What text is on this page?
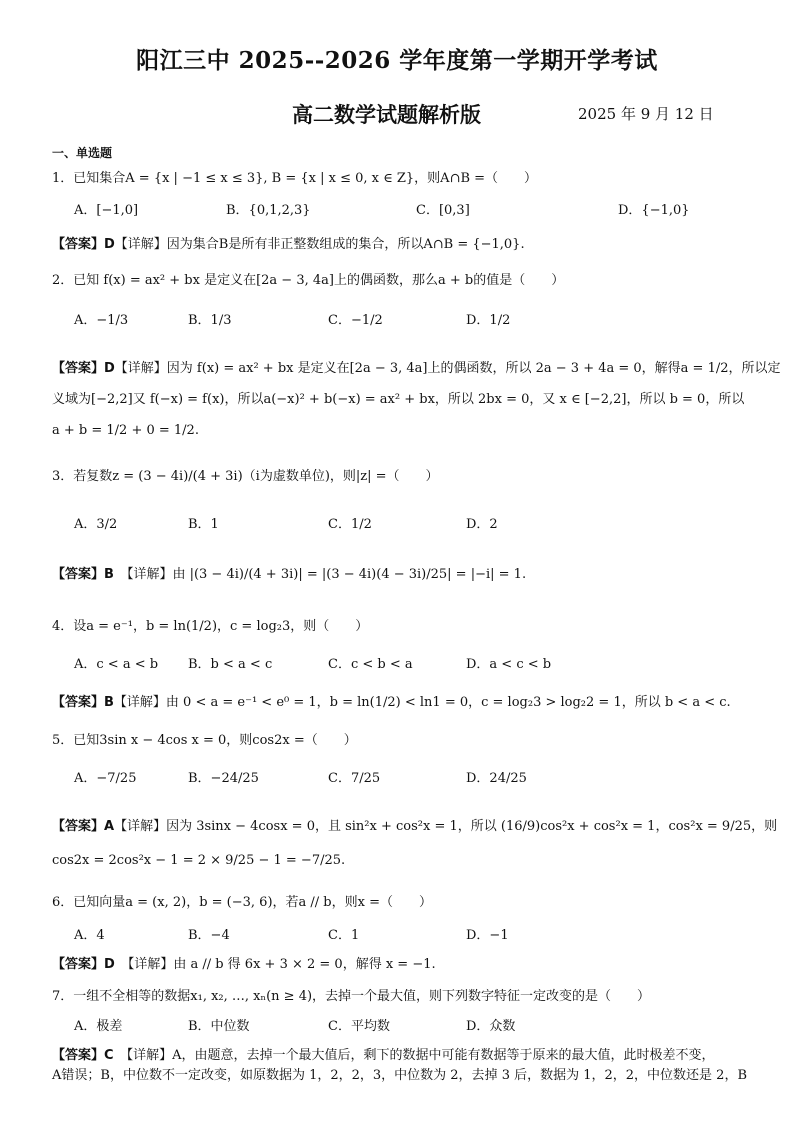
阳江三中 2025--2026 学年度第一学期开学考试
高二数学试题解析版	2025 年 9 月 12 日
一、单选题
1．已知集合A = {x | −1 ≤ x ≤ 3}, B = {x | x ≤ 0, x ∈ Z}，则A∩B =（　　）
A．[−1,0]	B．{0,1,2,3}	C．[0,3]	D．{−1,0}
【答案】D【详解】因为集合B是所有非正整数组成的集合，所以A∩B = {−1,0}.
2．已知 f(x) = ax² + bx 是定义在[2a − 3, 4a]上的偶函数，那么a + b的值是（　　）
A．−1/3	B．1/3	C．−1/2	D．1/2
【答案】D【详解】因为 f(x) = ax² + bx 是定义在[2a − 3, 4a]上的偶函数，所以 2a − 3 + 4a = 0，解得a = 1/2，所以定
义域为[−2,2]又 f(−x) = f(x)，所以a(−x)² + b(−x) = ax² + bx，所以 2bx = 0，又 x ∈ [−2,2]，所以 b = 0，所以
a + b = 1/2 + 0 = 1/2.
3．若复数z = (3 − 4i)/(4 + 3i)（i为虚数单位)，则|z| =（　　）
A．3/2	B．1	C．1/2	D．2
【答案】B　 【详解】由 |(3 − 4i)/(4 + 3i)| = |(3 − 4i)(4 − 3i)/25| = |−i| = 1.
4．设a = e⁻¹，b = ln(1/2)，c = log₂3，则（　　）
A．c < a < b B．b < a < c	C．c < b < a	D．a < c < b
【答案】B【详解】由 0 < a = e⁻¹ < e⁰ = 1，b = ln(1/2) < ln1 = 0，c = log₂3 > log₂2 = 1，所以 b < a < c.
5．已知3sin x − 4cos x = 0，则cos2x =（　　）
A．−7/25	B．−24/25	C．7/25	D．24/25
【答案】A【详解】因为 3sinx − 4cosx = 0，且 sin²x + cos²x = 1，所以 (16/9)cos²x + cos²x = 1，cos²x = 9/25，则
cos2x = 2cos²x − 1 = 2 × 9/25 − 1 = −7/25.
6．已知向量a = (x, 2)，b = (−3, 6)，若a // b，则x =（　　）
A．4	B．−4	C．1	D．−1
【答案】D　 【详解】由 a // b 得 6x + 3 × 2 = 0，解得 x = −1.
7．一组不全相等的数据x₁, x₂, …, xₙ(n ≥ 4)，去掉一个最大值，则下列数字特征一定改变的是（　　）
A．极差	B．中位数	C．平均数	D．众数
【答案】C　 【详解】A，由题意，去掉一个最大值后，剩下的数据中可能有数据等于原来的最大值，此时极差不变，
A错误；B，中位数不一定改变，如原数据为 1，2，2，3，中位数为 2，去掉 3 后，数据为 1，2，2，中位数还是 2，B
